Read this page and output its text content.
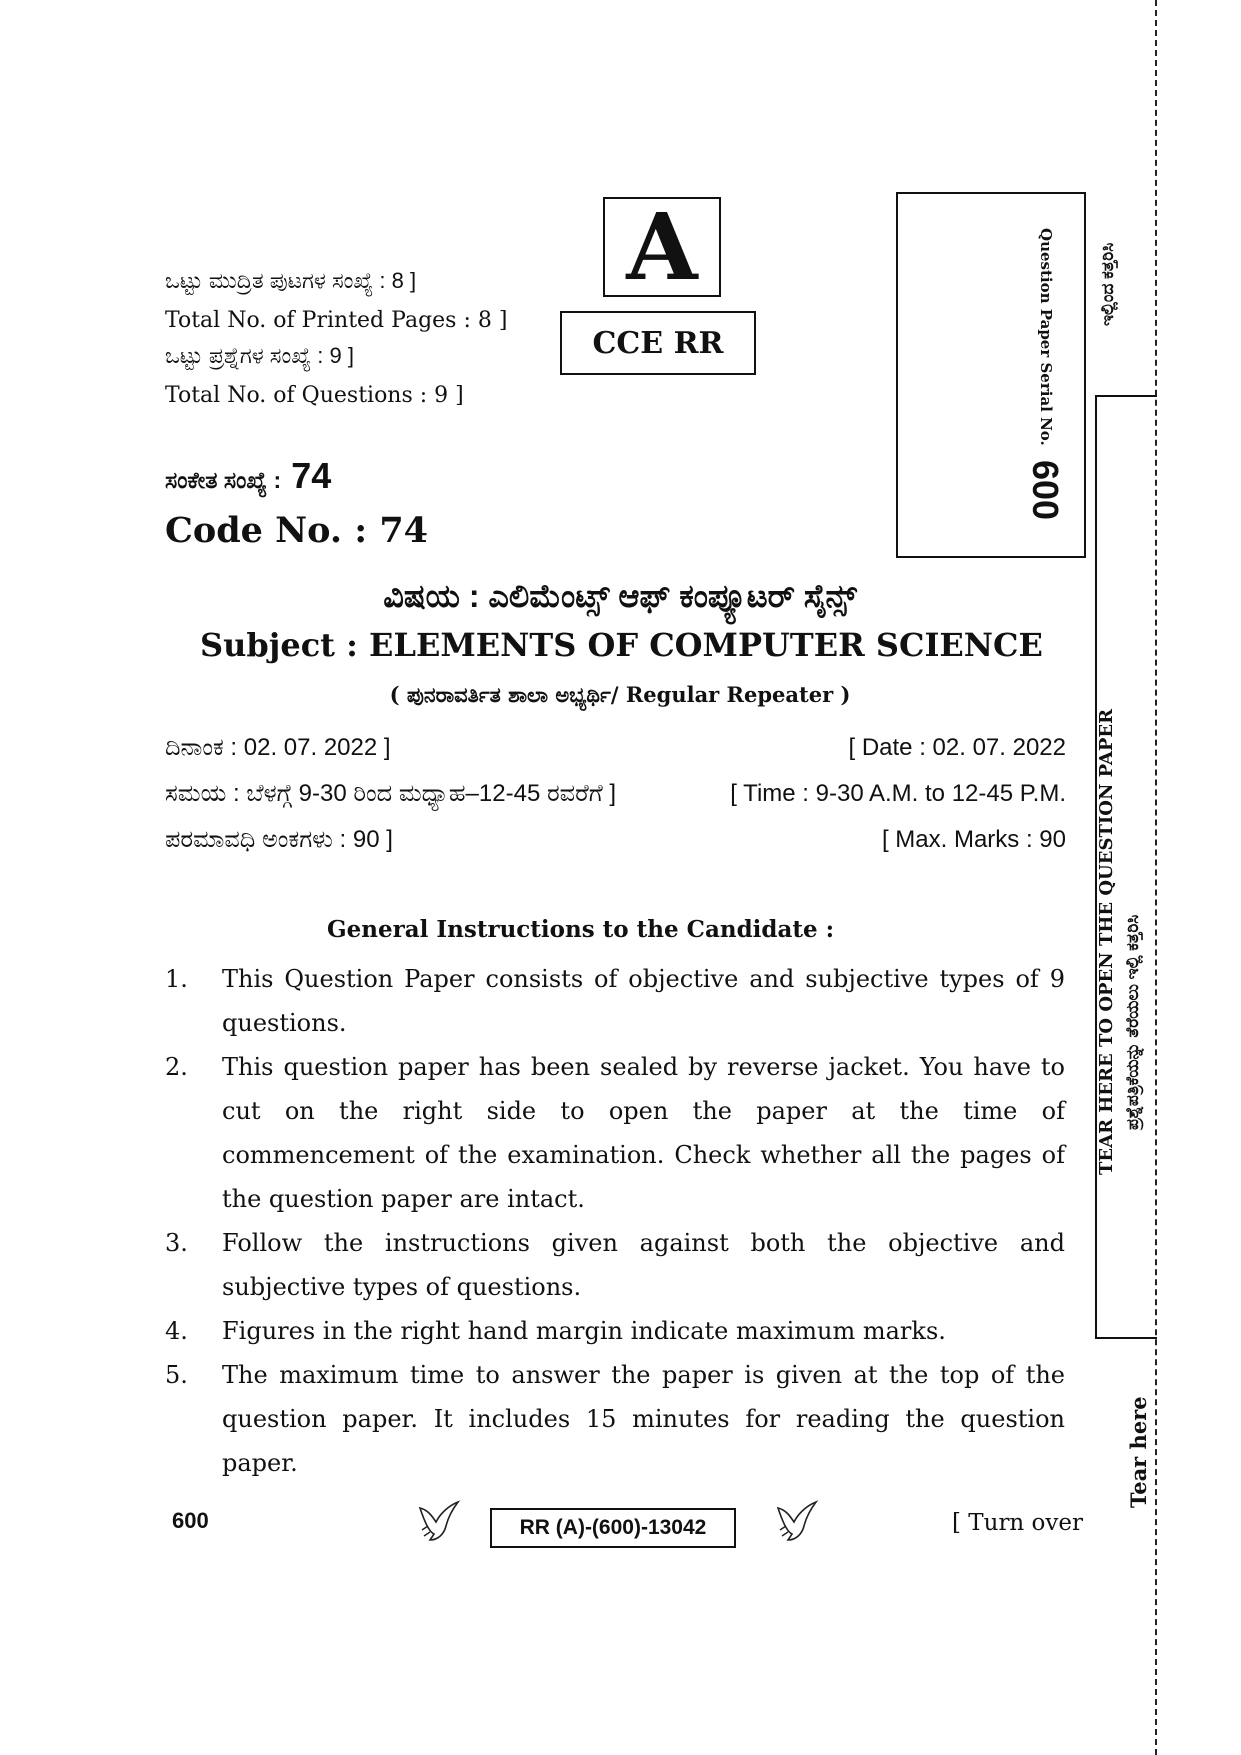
ಒಟ್ಟು ಮುದ್ರಿತ ಪುಟಗಳ ಸಂಖ್ಯೆ : 8 ]
Total No. of Printed Pages : 8 ]
ಒಟ್ಟು ಪ್ರಶ್ನೆಗಳ ಸಂಖ್ಯೆ : 9 ]
Total No. of Questions : 9 ]
A
CCE RR	Question Paper Serial No.
600
ಸಂಕೇತ ಸಂಖ್ಯೆ : 74
Code No. : 74
ವಿಷಯ : ಎಲಿಮೆಂಟ್ಸ್ ಆಫ್ ಕಂಪ್ಯೂಟರ್ ಸೈನ್ಸ್
Subject : ELEMENTS OF COMPUTER SCIENCE
( ಪುನರಾವರ್ತಿತ ಶಾಲಾ ಅಭ್ಯರ್ಥಿ/ Regular Repeater )
ದಿನಾಂಕ : 02. 07. 2022 ]	[ Date : 02. 07. 2022
ಸಮಯ : ಬೆಳಗ್ಗೆ 9-30 ರಿಂದ ಮಧ್ಯಾಹ–12-45 ರವರೆಗೆ ]	[ Time : 9-30 A.M. to 12-45 P.M.
ಪರಮಾವಧಿ ಅಂಕಗಳು : 90 ]	[ Max. Marks : 90
General Instructions to the Candidate :
1. This Question Paper consists of objective and subjective types of 9 questions.
2. This question paper has been sealed by reverse jacket. You have to cut on the right side to open the paper at the time of commencement of the examination. Check whether all the pages of the question paper are intact.
3. Follow the instructions given against both the objective and subjective types of questions.
4. Figures in the right hand margin indicate maximum marks.
5. The maximum time to answer the paper is given at the top of the question paper. It includes 15 minutes for reading the question paper.
600	RR (A)-(600)-13042	[ Turn over
TEAR HERE TO OPEN THE QUESTION PAPER ಪ್ರಶ್ನೆಪತ್ರಿಕೆಯನ್ನು ತೆರೆಯಲು ಇಲ್ಲಿ ಕತ್ತರಿಸಿ
Tear here
ಇಲ್ಲಿಂದ ಕತ್ತರಿಸಿ
